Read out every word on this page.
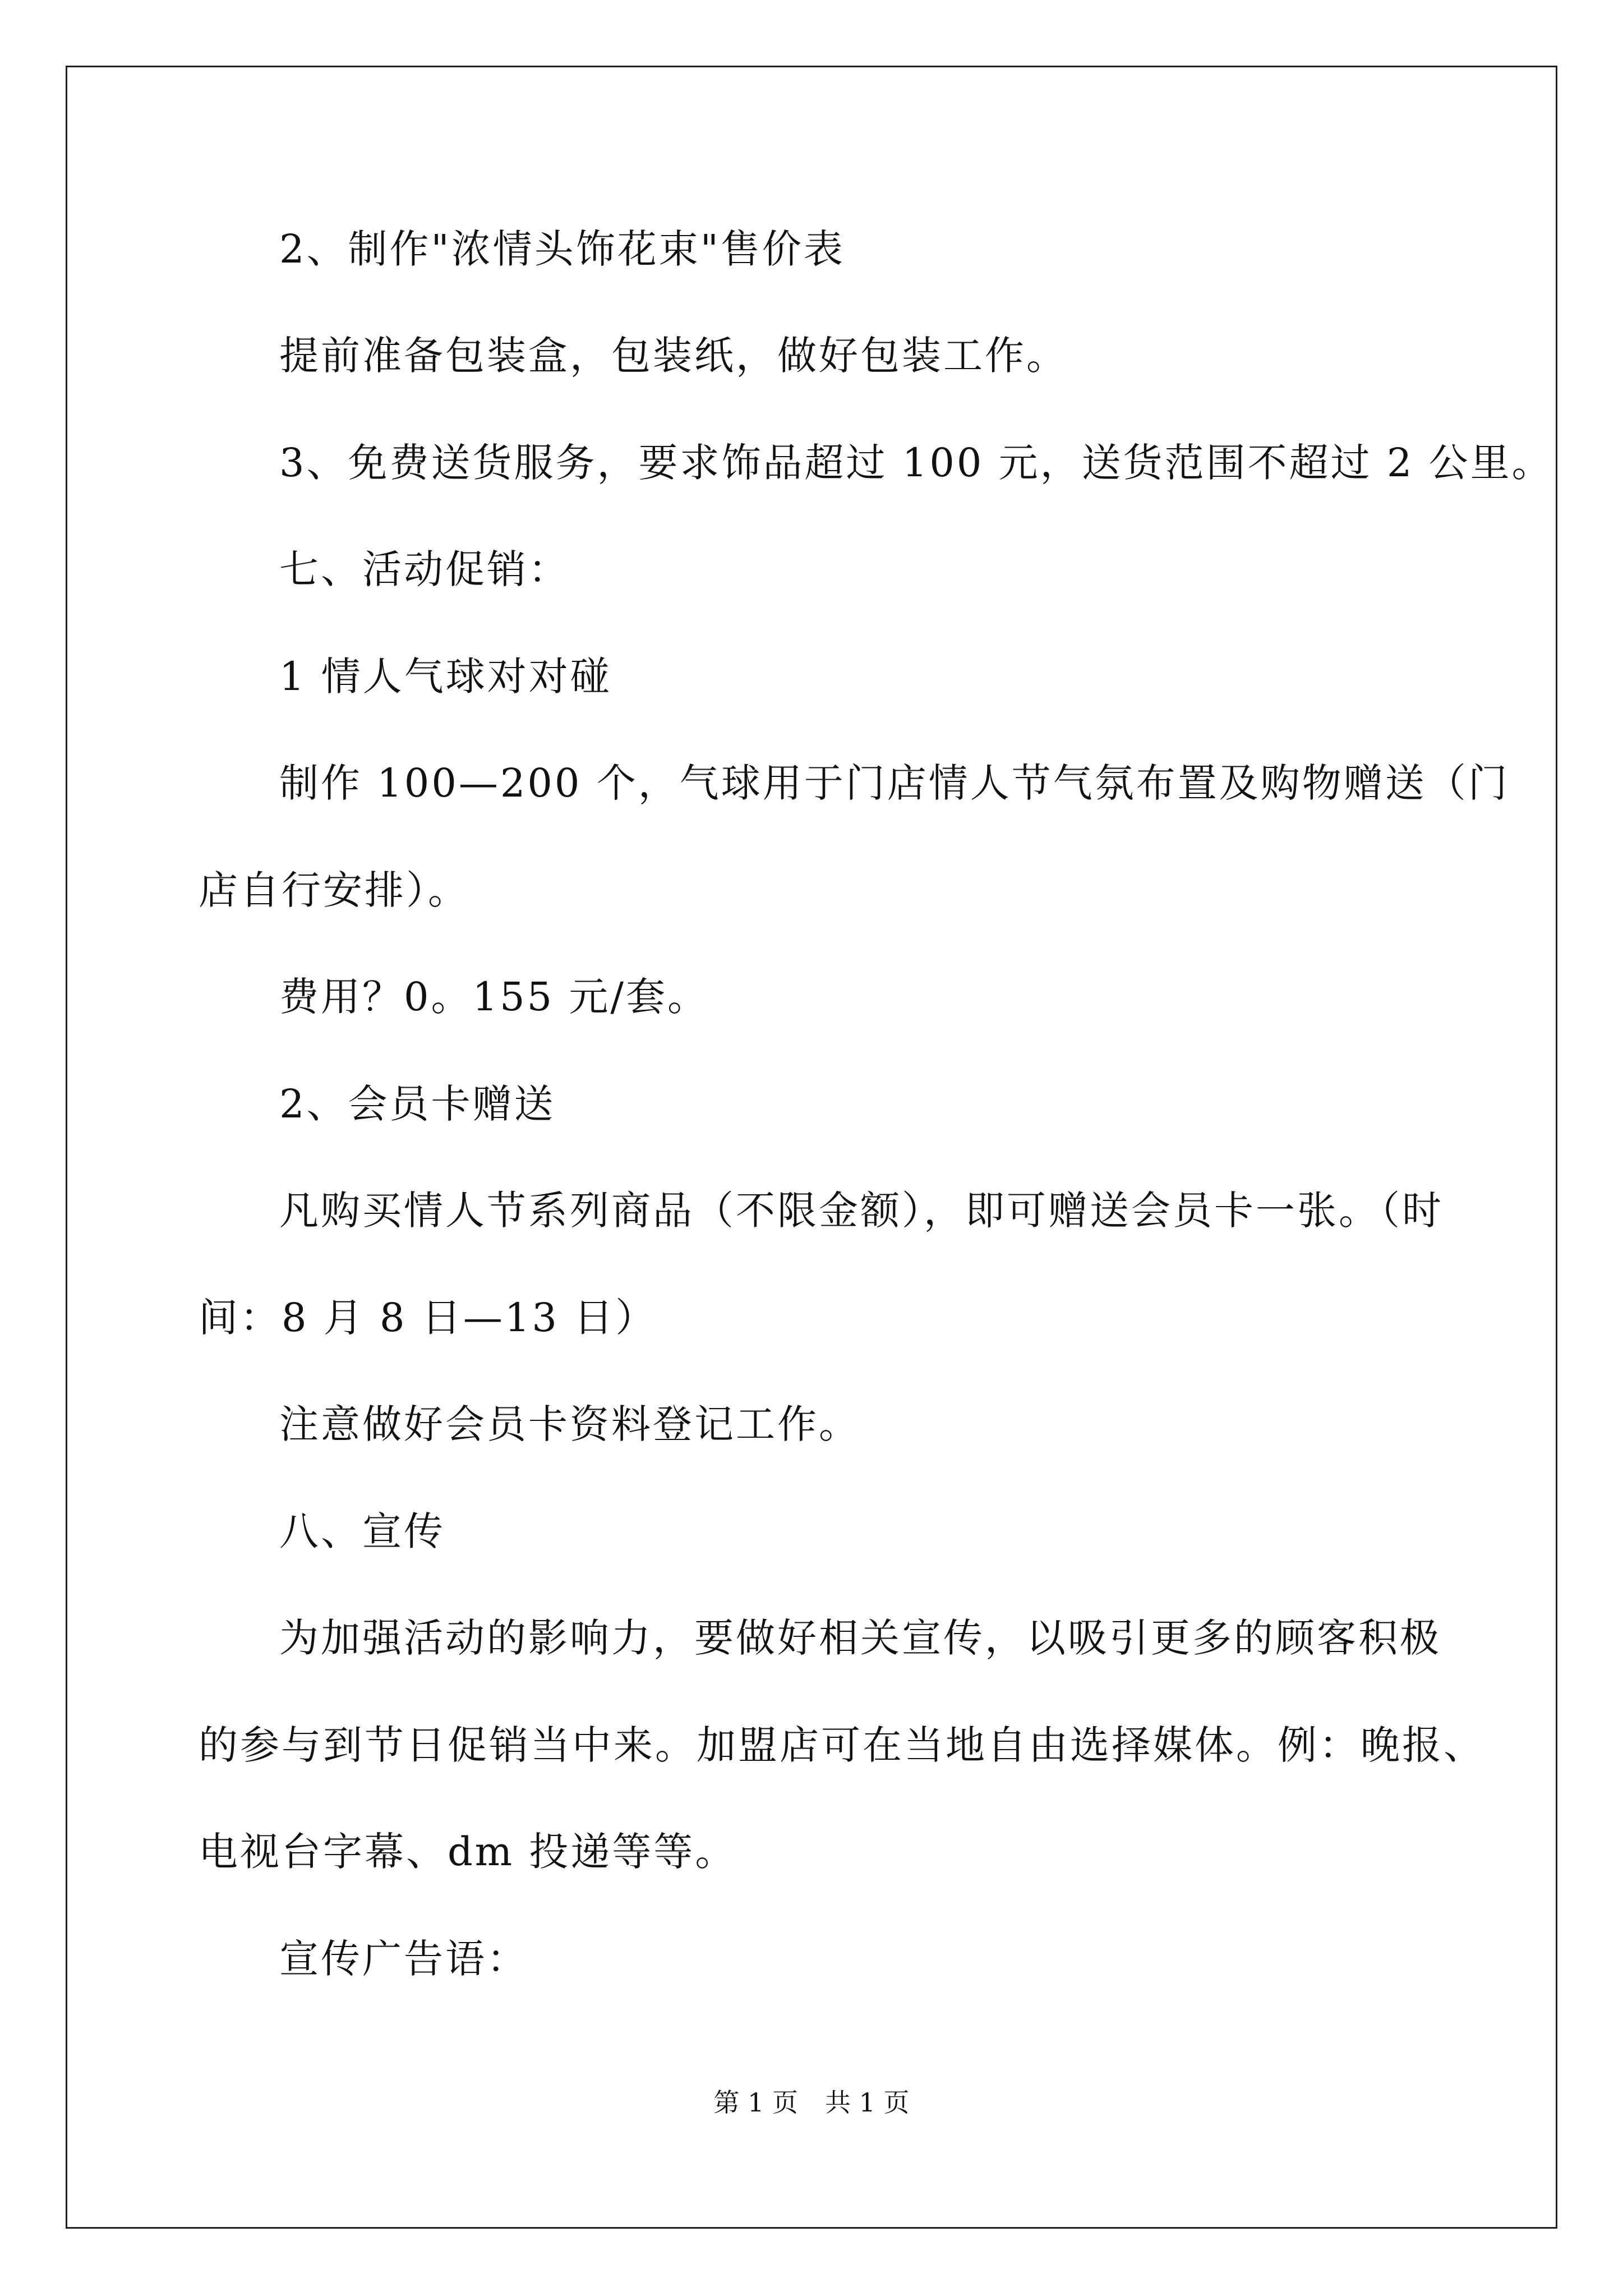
2、制作"浓情头饰花束"售价表

提前准备包装盒，包装纸，做好包装工作。

3、免费送货服务，要求饰品超过 100 元，送货范围不超过 2 公里。

七、活动促销：

1 情人气球对对碰

制作 100—200 个，气球用于门店情人节气氛布置及购物赠送（门

店自行安排）。

费用？0。155 元/套。

2、会员卡赠送

凡购买情人节系列商品（不限金额），即可赠送会员卡一张。（时

间：8 月 8 日—13 日）

注意做好会员卡资料登记工作。

八、宣传

为加强活动的影响力，要做好相关宣传，以吸引更多的顾客积极

的参与到节日促销当中来。加盟店可在当地自由选择媒体。例：晚报、

电视台字幕、dm 投递等等。

宣传广告语：

第 1 页 共 1 页
